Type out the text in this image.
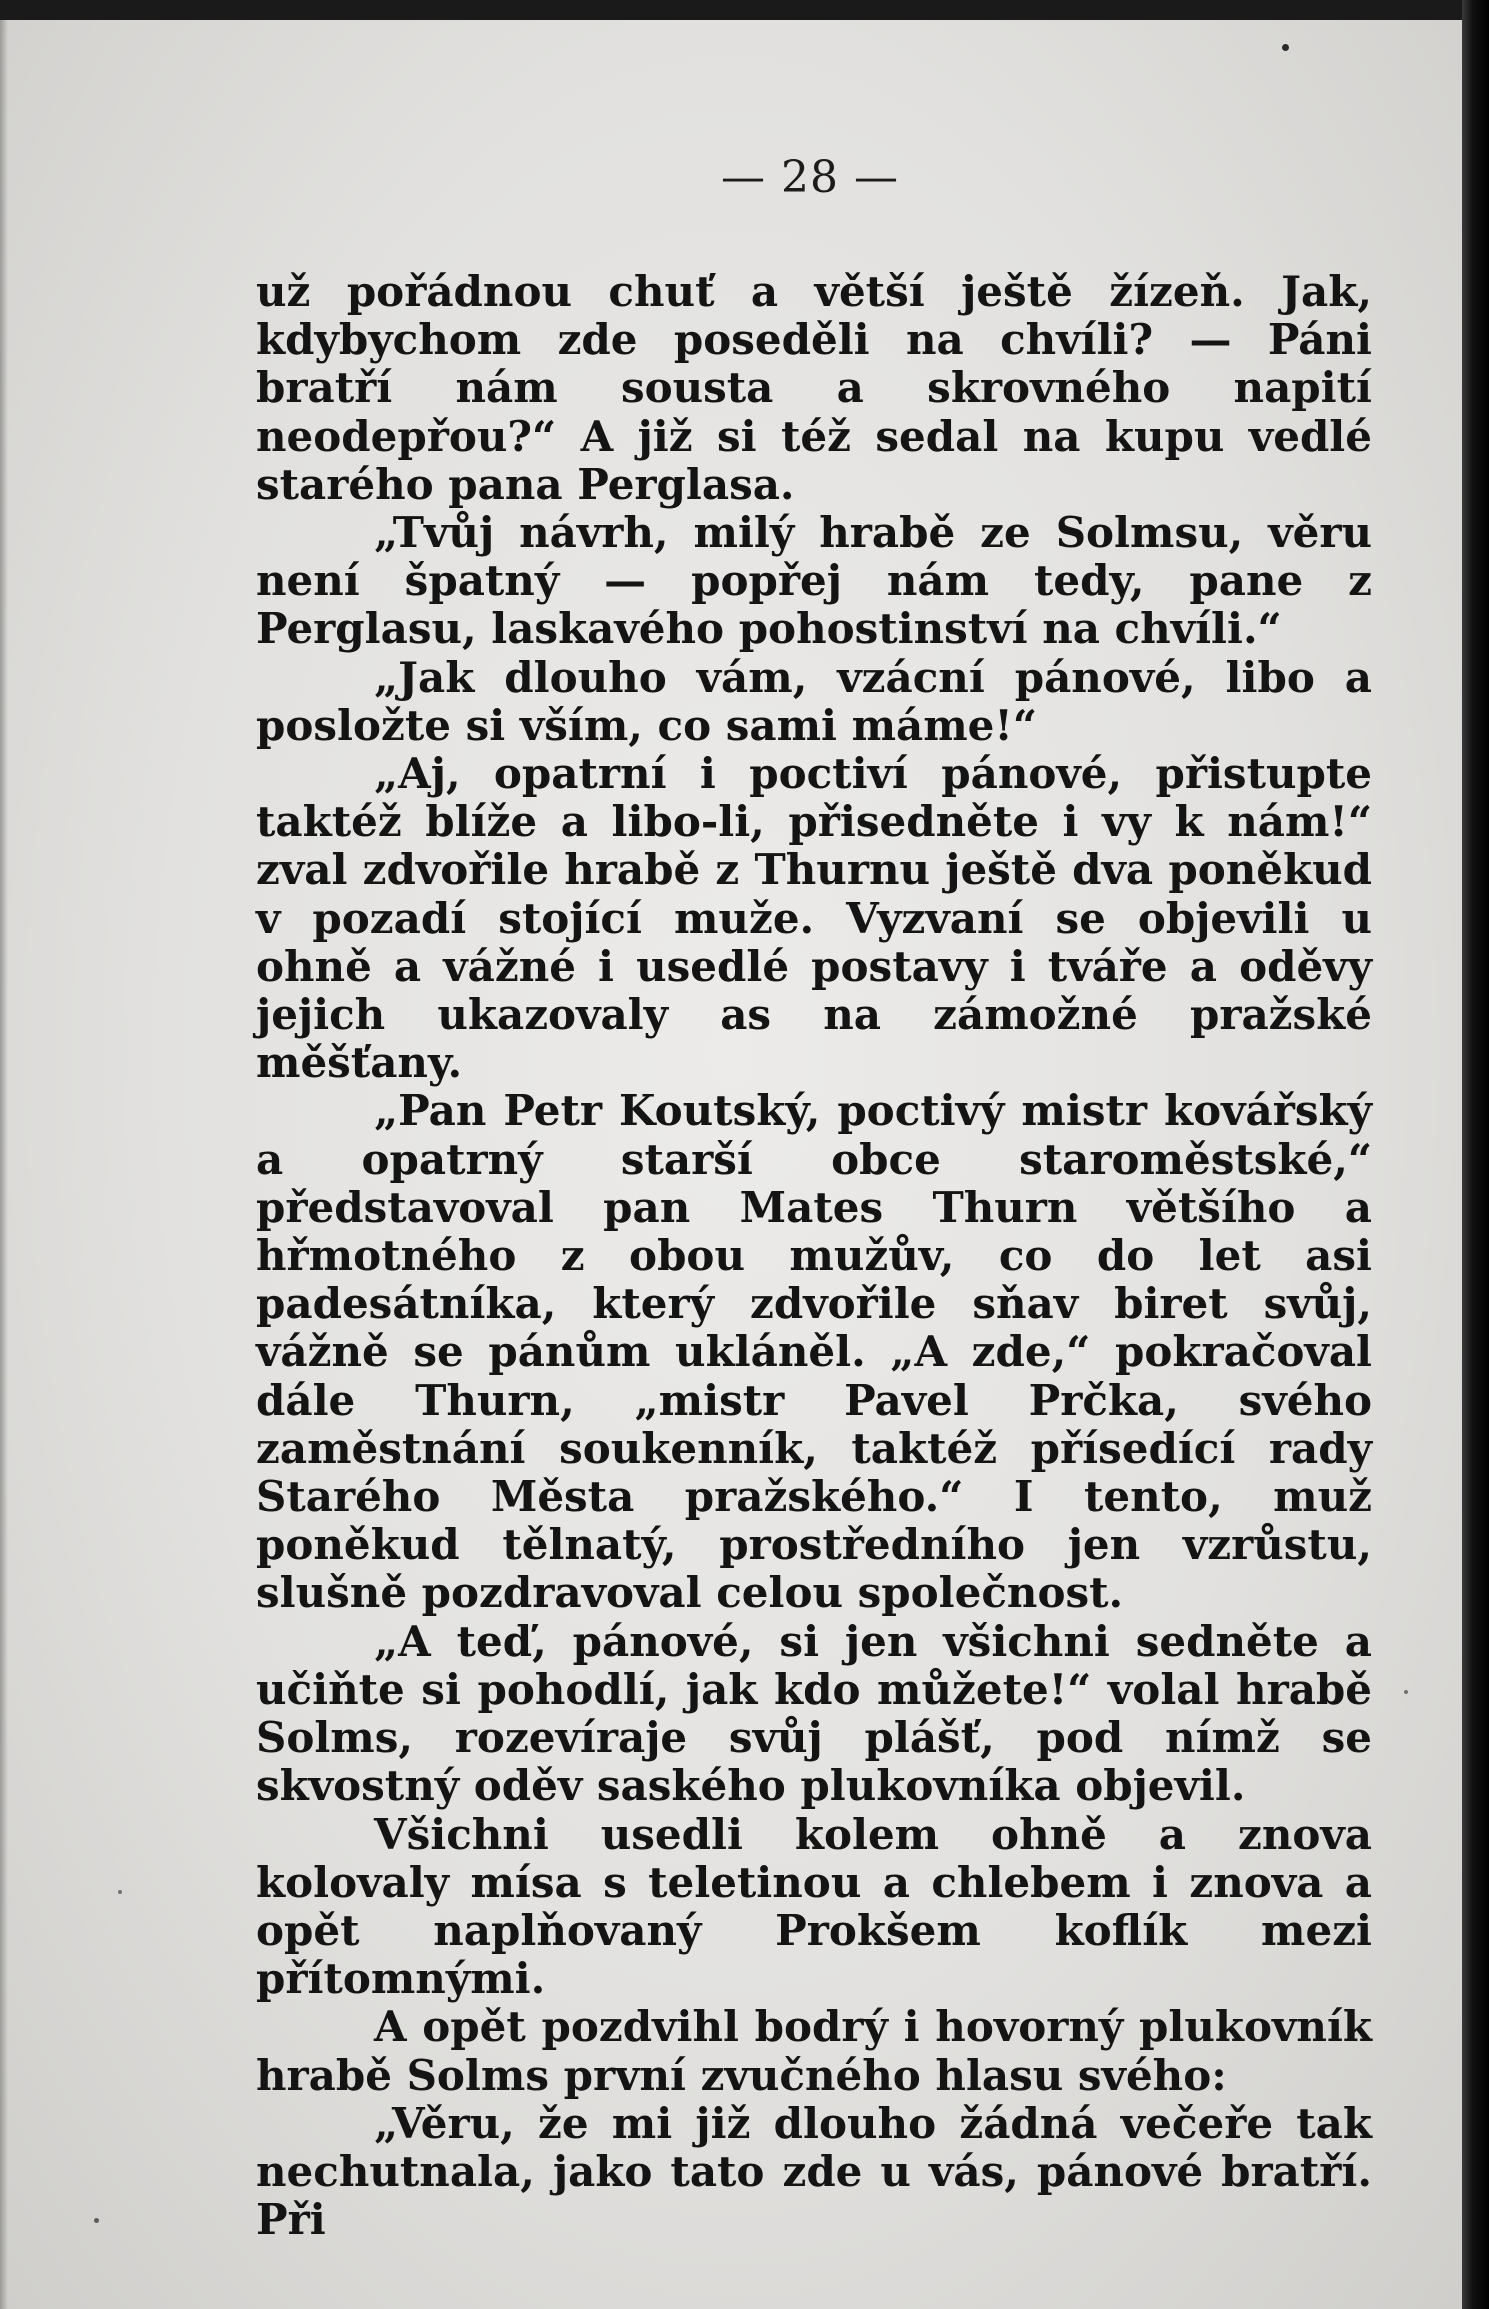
— 28 —

už pořádnou chuť a větší ještě žízeň. Jak, kdybychom zde poseděli na chvíli? — Páni bratří nám sousta a skrovného napití neodepřou?“ A již si též sedal na kupu vedlé starého pana Perglasa.

„Tvůj návrh, milý hrabě ze Solmsu, věru není špatný — popřej nám tedy, pane z Perglasu, laskavého pohostinství na chvíli.“

„Jak dlouho vám, vzácní pánové, libo a posložte si vším, co sami máme!“

„Aj, opatrní i poctiví pánové, přistupte taktéž blíže a libo-li, přisedněte i vy k nám!“ zval zdvořile hrabě z Thurnu ještě dva poněkud v pozadí stojící muže. Vyzvaní se objevili u ohně a vážné i usedlé postavy i tváře a oděvy jejich ukazovaly as na zámožné pražské měšťany.

„Pan Petr Koutský, poctivý mistr kovářský a opatrný starší obce staroměstské,“ představoval pan Mates Thurn většího a hřmotného z obou mužův, co do let asi padesátníka, který zdvořile sňav biret svůj, vážně se pánům ukláněl. „A zde,“ pokračoval dále Thurn, „mistr Pavel Prčka, svého zaměstnání soukenník, taktéž přísedící rady Starého Města pražského.“ I tento, muž poněkud tělnatý, prostředního jen vzrůstu, slušně pozdravoval celou společnost.

„A teď, pánové, si jen všichni sedněte a učiňte si pohodlí, jak kdo můžete!“ volal hrabě Solms, rozevíraje svůj plášť, pod nímž se skvostný oděv saského plukovníka objevil.

Všichni usedli kolem ohně a znova kolovaly mísa s teletinou a chlebem i znova a opět naplňovaný Prokšem koflík mezi přítomnými.

A opět pozdvihl bodrý i hovorný plukovník hrabě Solms první zvučného hlasu svého:

„Věru, že mi již dlouho žádná večeře tak nechutnala, jako tato zde u vás, pánové bratří. Při
